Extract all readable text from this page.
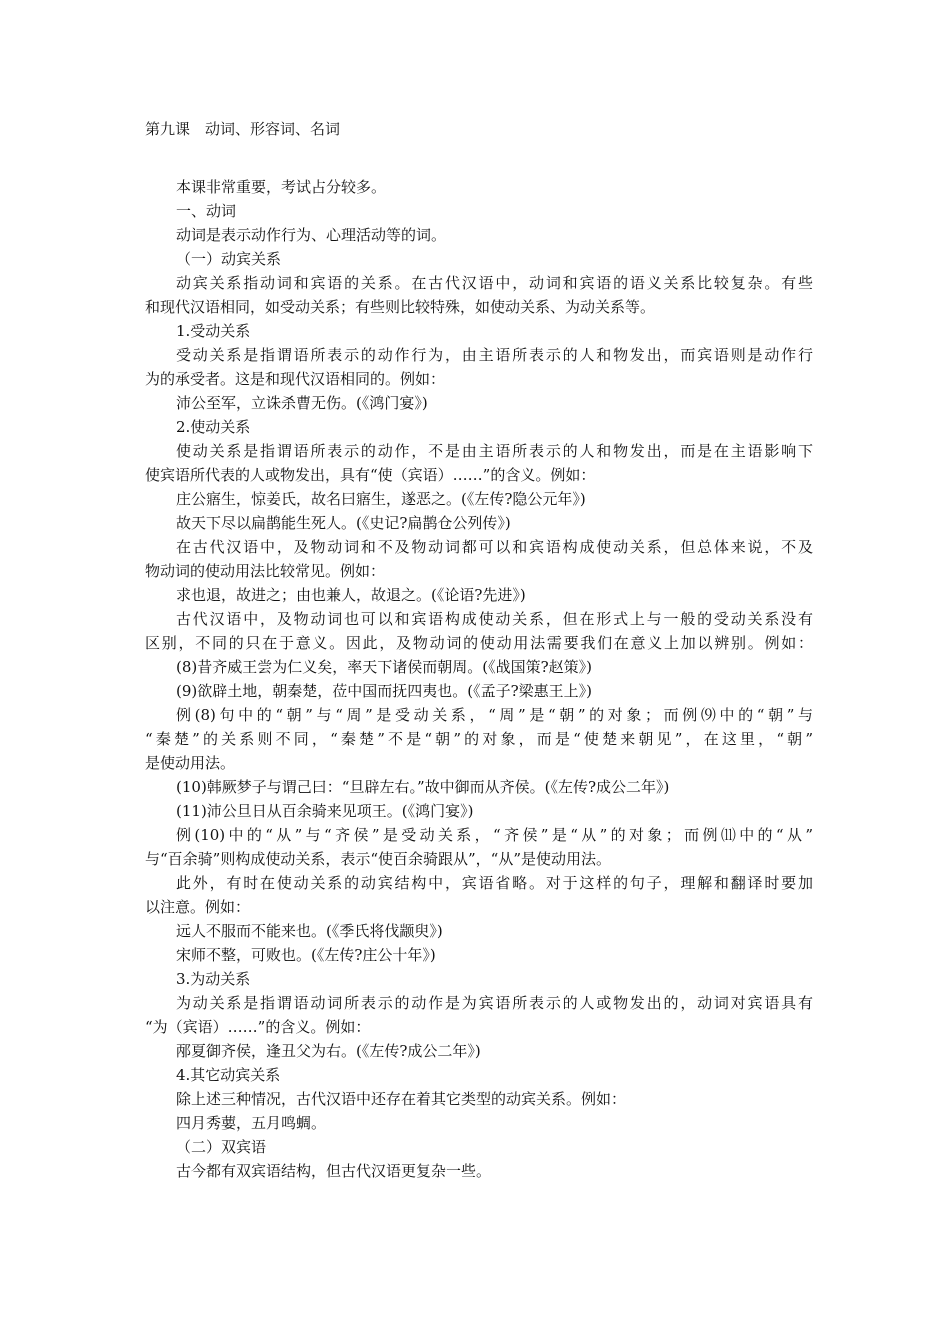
第九课　动词、形容词、名词
本课非常重要，考试占分较多。
一、动词
动词是表示动作行为、心理活动等的词。
（一）动宾关系
动宾关系指动词和宾语的关系。在古代汉语中，动词和宾语的语义关系比较复杂。有些
和现代汉语相同，如受动关系；有些则比较特殊，如使动关系、为动关系等。
1.受动关系
受动关系是指谓语所表示的动作行为，由主语所表示的人和物发出，而宾语则是动作行
为的承受者。这是和现代汉语相同的。例如：
沛公至军，立诛杀曹无伤。(《鸿门宴》)
2.使动关系
使动关系是指谓语所表示的动作，不是由主语所表示的人和物发出，而是在主语影响下
使宾语所代表的人或物发出，具有“使（宾语）……”的含义。例如：
庄公寤生，惊姜氏，故名曰寤生，遂恶之。(《左传?隐公元年》)
故天下尽以扁鹊能生死人。(《史记?扁鹊仓公列传》)
在古代汉语中，及物动词和不及物动词都可以和宾语构成使动关系，但总体来说，不及
物动词的使动用法比较常见。例如：
求也退，故进之；由也兼人，故退之。(《论语?先进》)
古代汉语中，及物动词也可以和宾语构成使动关系，但在形式上与一般的受动关系没有
区别，不同的只在于意义。因此，及物动词的使动用法需要我们在意义上加以辨别。例如：
(8)昔齐威王尝为仁义矣，率天下诸侯而朝周。(《战国策?赵策》)
(9)欲辟土地，朝秦楚，莅中国而抚四夷也。(《孟子?梁惠王上》)
例(8)句中的“朝”与“周”是受动关系，“周”是“朝”的对象；而例⑼中的“朝”与
“秦楚”的关系则不同，“秦楚”不是“朝”的对象，而是“使楚来朝见”，在这里，“朝”
是使动用法。
(10)韩厥梦子与谓己曰：“旦辟左右。”故中御而从齐侯。(《左传?成公二年》)
(11)沛公旦日从百余骑来见项王。(《鸿门宴》)
例(10)中的“从”与“齐侯”是受动关系，“齐侯”是“从”的对象；而例⑾中的“从”
与“百余骑”则构成使动关系，表示“使百余骑跟从”，“从”是使动用法。
此外，有时在使动关系的动宾结构中，宾语省略。对于这样的句子，理解和翻译时要加
以注意。例如：
远人不服而不能来也。(《季氏将伐颛臾》)
宋师不整，可败也。(《左传?庄公十年》)
3.为动关系
为动关系是指谓语动词所表示的动作是为宾语所表示的人或物发出的，动词对宾语具有
“为（宾语）……”的含义。例如：
邴夏御齐侯，逢丑父为右。(《左传?成公二年》)
4.其它动宾关系
除上述三种情况，古代汉语中还存在着其它类型的动宾关系。例如：
四月秀葽，五月鸣蜩。
（二）双宾语
古今都有双宾语结构，但古代汉语更复杂一些。
